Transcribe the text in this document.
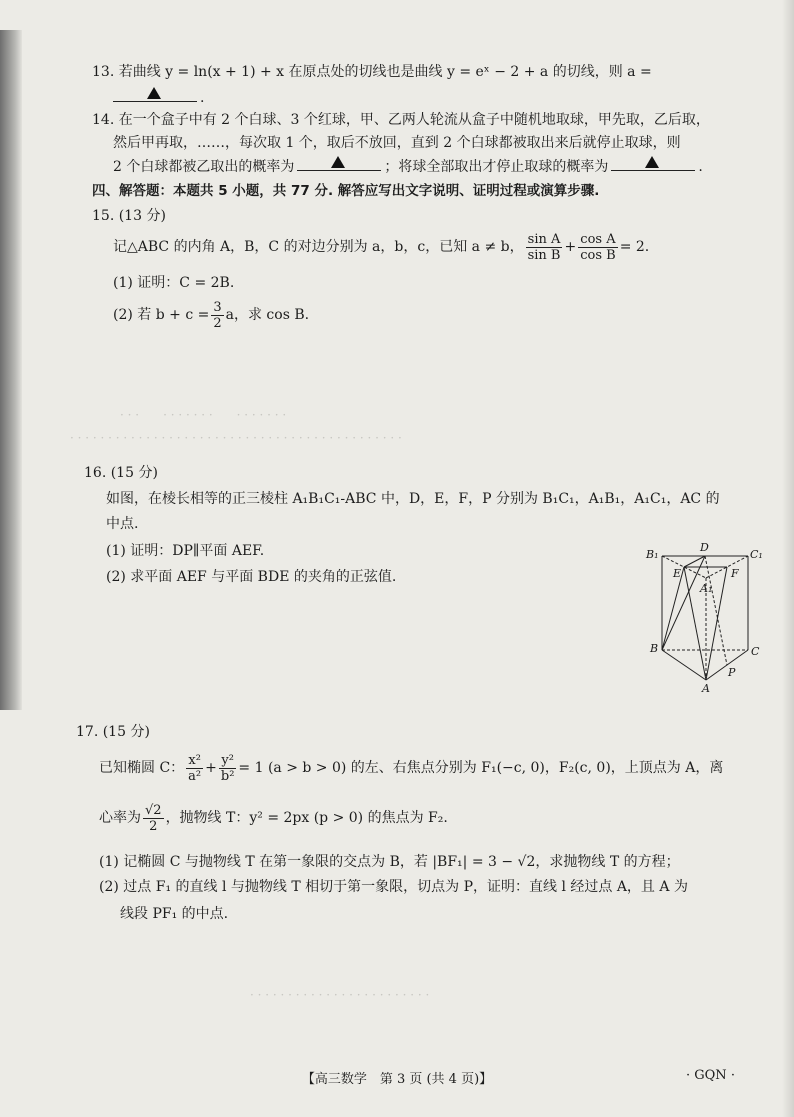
· · ·　　· · · · · · ·　　· · · · · · ·
· · · · · · · · · · · · · · · · · · · · · · · · · · · · · · · · · · · · · · · · · · · ·
13. 若曲线 y = ln(x + 1) + x 在原点处的切线也是曲线 y = eˣ − 2 + a 的切线，则 a =
.
14. 在一个盒子中有 2 个白球、3 个红球，甲、乙两人轮流从盒子中随机地取球，甲先取，乙后取，
然后甲再取，……，每次取 1 个，取后不放回，直到 2 个白球都被取出来后就停止取球，则
2 个白球都被乙取出的概率为	；将球全部取出才停止取球的概率为	.
四、解答题：本题共 5 小题，共 77 分. 解答应写出文字说明、证明过程或演算步骤.
15. (13 分)
记△ABC 的内角 A，B，C 的对边分别为 a，b，c，已知 a ≠ b， $\frac{\text{sin A}}{\text{sin B}} + \frac{\text{cos A}}{\text{cos B}} = 2$.
(1) 证明：C = 2B.
(2) 若 $b + c = \frac{3}{2}$ a，求 cos B.
16. (15 分)
如图，在棱长相等的正三棱柱 A₁B₁C₁-ABC 中，D，E，F，P 分别为 B₁C₁，A₁B₁，A₁C₁，AC 的
中点.
(1) 证明：DP∥平面 AEF.
(2) 求平面 AEF 与平面 BDE 的夹角的正弦值.
B₁
D
C₁
E	F
A₁
B	C
P
A
17. (15 分)
已知椭圆 C： $\frac{\text{x²}}{\text{a²}} + \frac{\text{y²}}{\text{b²}} = 1$ (a > b > 0) 的左、右焦点分别为 F₁(−c, 0)，F₂(c, 0)，上顶点为 A，离
心率为 $\frac{√2}{2}$ ，抛物线 T：y² = 2px (p > 0) 的焦点为 F₂.
(1) 记椭圆 C 与抛物线 T 在第一象限的交点为 B，若 |BF₁| = 3 − √2，求抛物线 T 的方程；
(2) 过点 F₁ 的直线 l 与抛物线 T 相切于第一象限，切点为 P，证明：直线 l 经过点 A，且 A 为
线段 PF₁ 的中点.
· · · · · · · · · · · · · · · · · · · · · · · ·
【高三数学　第 3 页 (共 4 页)】	· GQN ·
